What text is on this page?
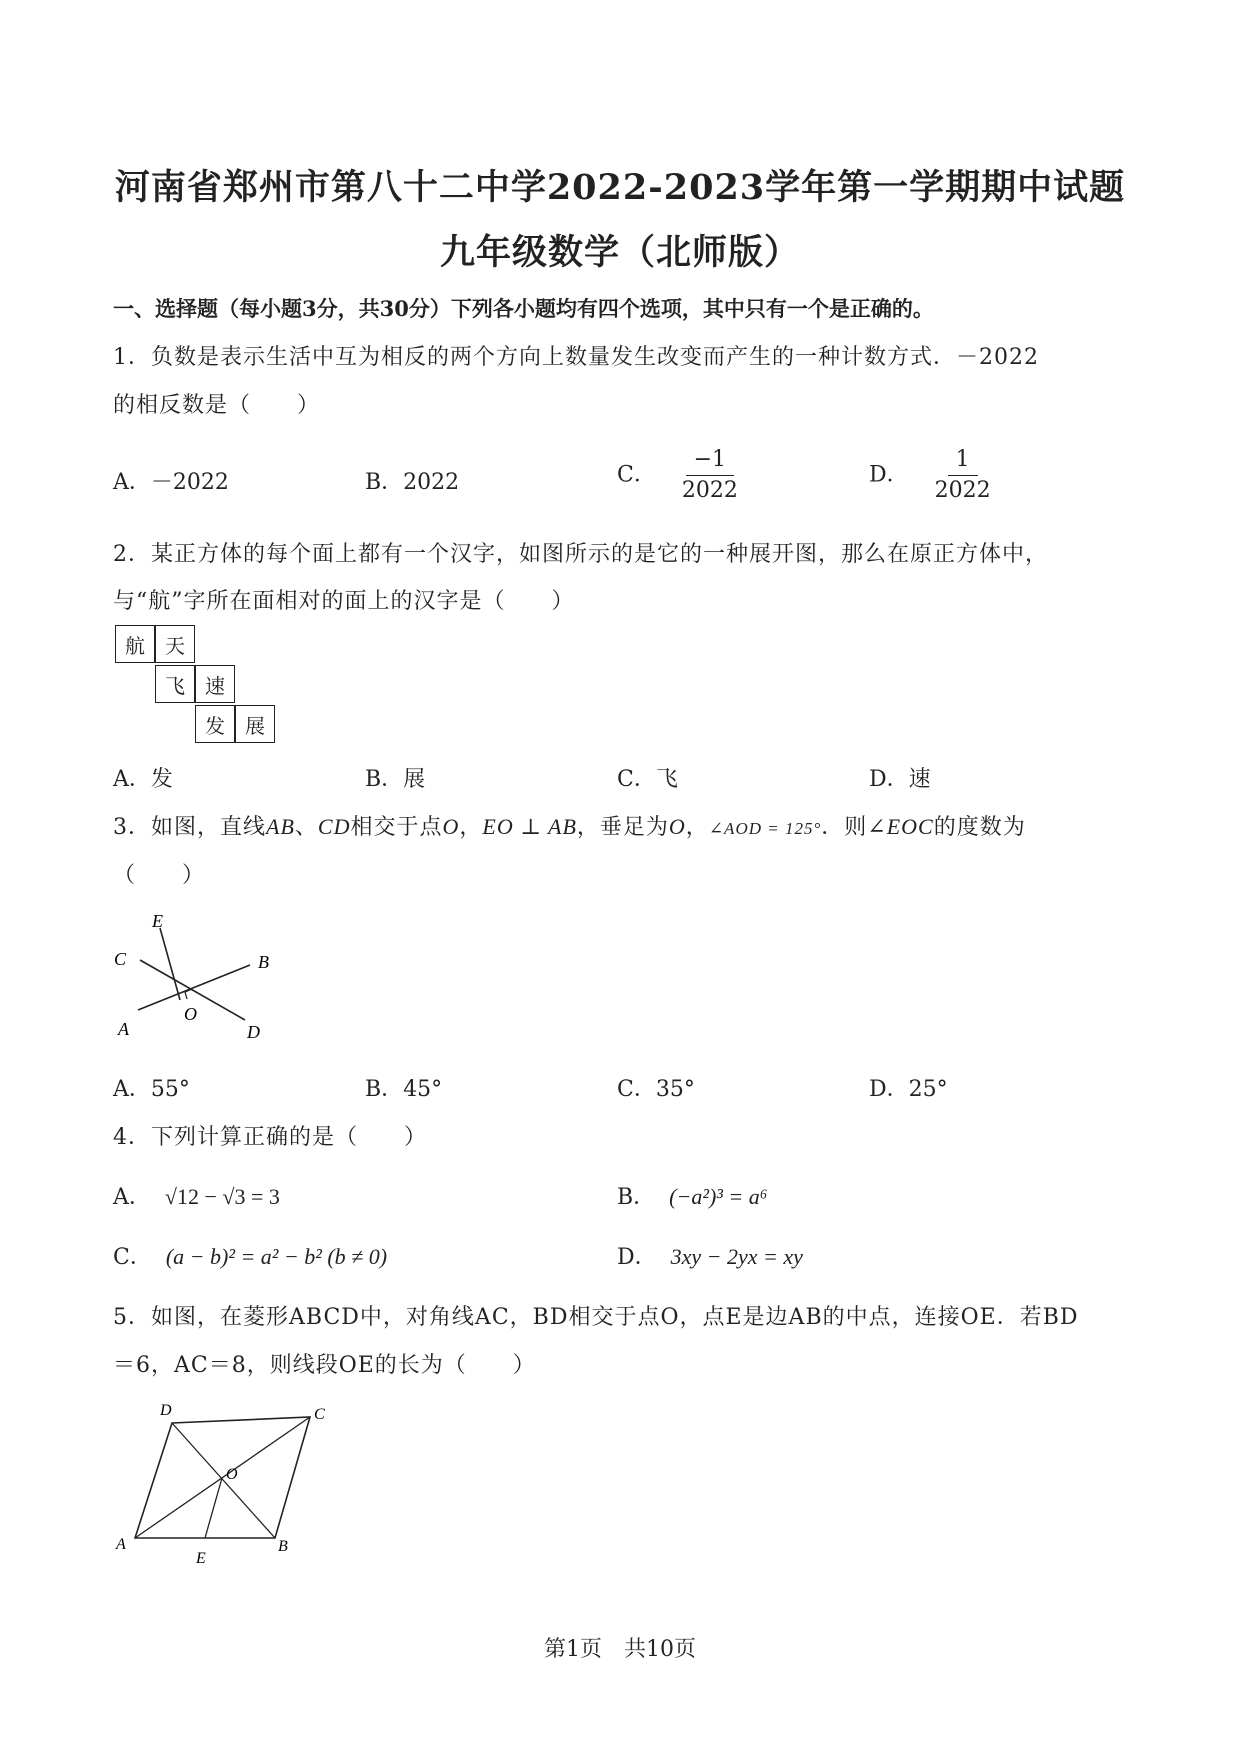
河南省郑州市第八十二中学2022-2023学年第一学期期中试题
九年级数学（北师版）
一、选择题（每小题3分，共30分）下列各小题均有四个选项，其中只有一个是正确的。
1．负数是表示生活中互为相反的两个方向上数量发生改变而产生的一种计数方式．－2022
的相反数是（　　）
A．－2022	B．2022	C． $\frac{-1}{2022}$	D． $\frac{1}{2022}$
2．某正方体的每个面上都有一个汉字，如图所示的是它的一种展开图，那么在原正方体中，
与“航”字所在面相对的面上的汉字是（　　）
航	天
飞	速
发	展
A．发	B．展	C．飞	D．速
3．如图，直线AB、CD相交于点O，EO ⊥ AB，垂足为O，∠AOD = 125°．则∠EOC的度数为
（　　）
E
C	B
O
A	D
A．55°	B．45°	C．35°	D．25°
4．下列计算正确的是（　　）
A． √12 − √3 = 3	B． (−a²)³ = a⁶
C． (a − b)² = a² − b² (b ≠ 0)	D． 3xy − 2yx = xy
5．如图，在菱形ABCD中，对角线AC，BD相交于点O，点E是边AB的中点，连接OE．若BD
＝6，AC＝8，则线段OE的长为（　　）
D	C
O
A
E
B
第1页　共10页
